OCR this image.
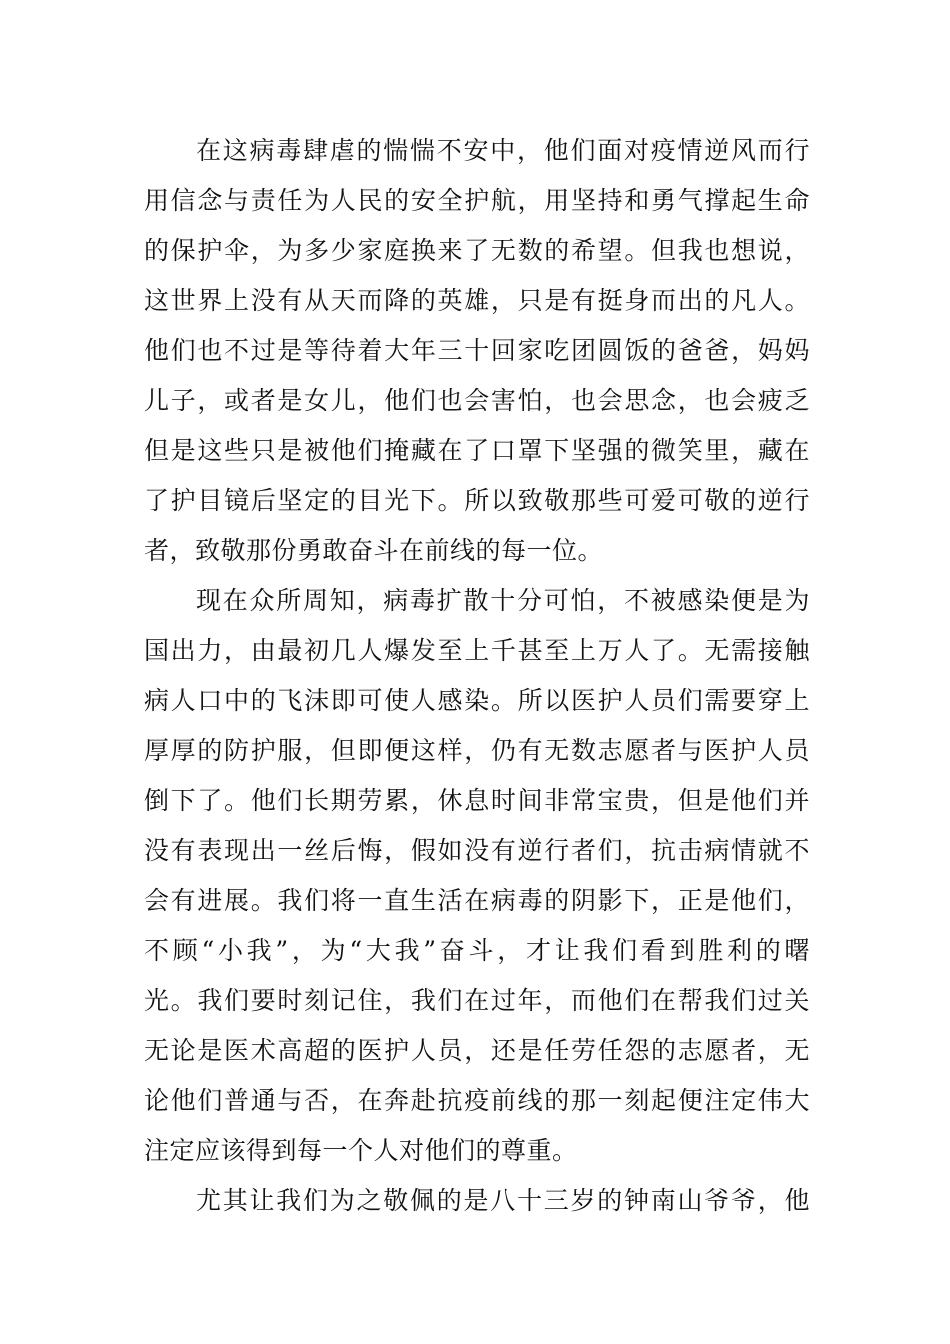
在这病毒肆虐的惴惴不安中，他们面对疫情逆风而行
用信念与责任为人民的安全护航，用坚持和勇气撑起生命
的保护伞，为多少家庭换来了无数的希望。但我也想说，
这世界上没有从天而降的英雄，只是有挺身而出的凡人。
他们也不过是等待着大年三十回家吃团圆饭的爸爸，妈妈
儿子，或者是女儿，他们也会害怕，也会思念，也会疲乏
但是这些只是被他们掩藏在了口罩下坚强的微笑里，藏在
了护目镜后坚定的目光下。所以致敬那些可爱可敬的逆行
者，致敬那份勇敢奋斗在前线的每一位。
现在众所周知，病毒扩散十分可怕，不被感染便是为
国出力，由最初几人爆发至上千甚至上万人了。无需接触
病人口中的飞沫即可使人感染。所以医护人员们需要穿上
厚厚的防护服，但即便这样，仍有无数志愿者与医护人员
倒下了。他们长期劳累，休息时间非常宝贵，但是他们并
没有表现出一丝后悔，假如没有逆行者们，抗击病情就不
会有进展。我们将一直生活在病毒的阴影下，正是他们，
不顾“小我”，为“大我”奋斗，才让我们看到胜利的曙
光。我们要时刻记住，我们在过年，而他们在帮我们过关
无论是医术高超的医护人员，还是任劳任怨的志愿者，无
论他们普通与否，在奔赴抗疫前线的那一刻起便注定伟大
注定应该得到每一个人对他们的尊重。
尤其让我们为之敬佩的是八十三岁的钟南山爷爷，他
